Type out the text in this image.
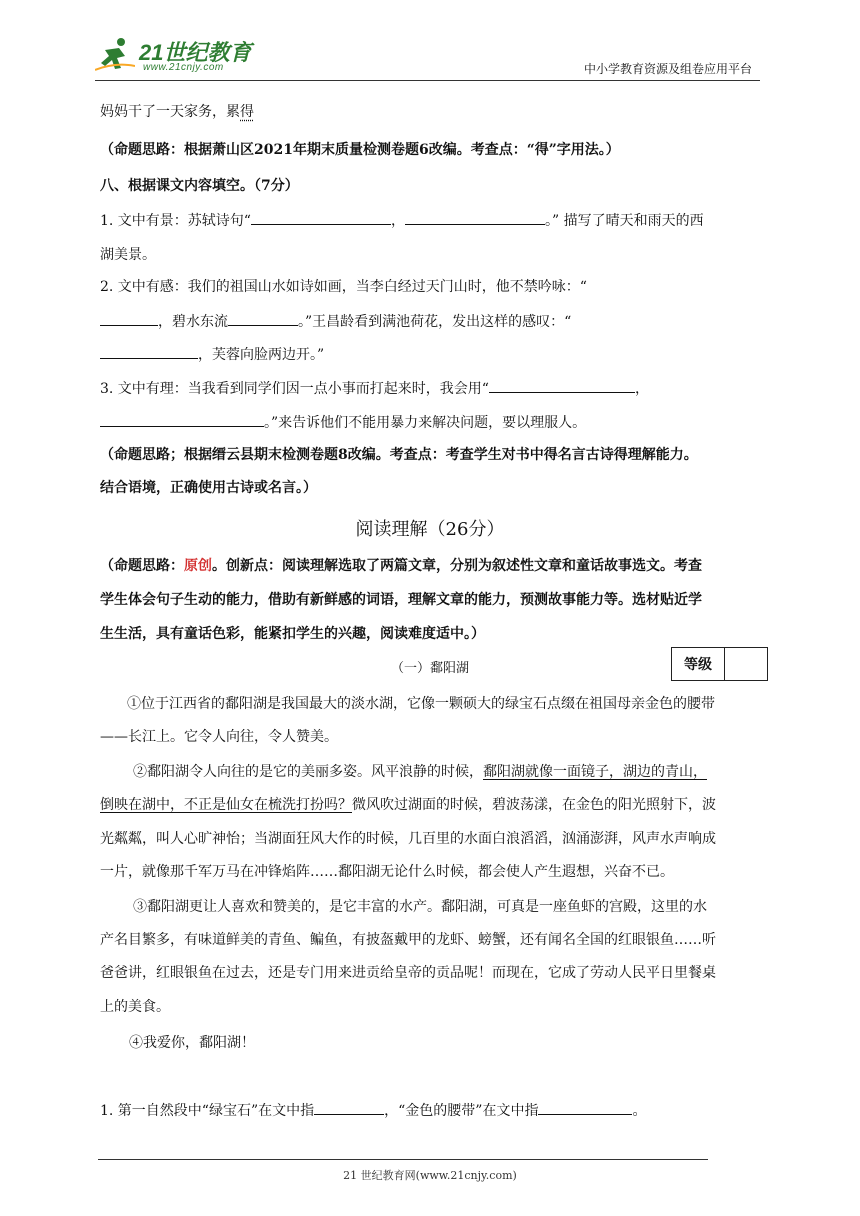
21世纪教育
www.21cnjy.com	中小学教育资源及组卷应用平台
妈妈干了一天家务，累得
（命题思路：根据萧山区2021年期末质量检测卷题6改编。考查点：“得”字用法。）
八、根据课文内容填空。（7分）
1. 文中有景：苏轼诗句“	，	。” 描写了晴天和雨天的西
湖美景。
2. 文中有感：我们的祖国山水如诗如画，当李白经过天门山时，他不禁吟咏：“
，碧水东流	。”王昌龄看到满池荷花，发出这样的感叹：“
，芙蓉向脸两边开。”
3. 文中有理：当我看到同学们因一点小事而打起来时，我会用“	，
。”来告诉他们不能用暴力来解决问题，要以理服人。
（命题思路；根据缙云县期末检测卷题8改编。考查点：考查学生对书中得名言古诗得理解能力。
结合语境，正确使用古诗或名言。）
阅读理解（26分）
（命题思路：原创。创新点：阅读理解选取了两篇文章，分别为叙述性文章和童话故事选文。考查
学生体会句子生动的能力，借助有新鲜感的词语，理解文章的能力，预测故事能力等。选材贴近学
生生活，具有童话色彩，能紧扣学生的兴趣，阅读难度适中。）
（一）鄱阳湖	等级
①位于江西省的鄱阳湖是我国最大的淡水湖，它像一颗硕大的绿宝石点缀在祖国母亲金色的腰带
——长江上。它令人向往，令人赞美。
②鄱阳湖令人向往的是它的美丽多姿。风平浪静的时候，鄱阳湖就像一面镜子，湖边的青山，
倒映在湖中，不正是仙女在梳洗打扮吗？微风吹过湖面的时候，碧波荡漾，在金色的阳光照射下，波
光粼粼，叫人心旷神怡；当湖面狂风大作的时候，几百里的水面白浪滔滔，汹涌澎湃，风声水声响成
一片，就像那千军万马在冲锋焰阵……鄱阳湖无论什么时候，都会使人产生遐想，兴奋不已。
③鄱阳湖更让人喜欢和赞美的，是它丰富的水产。鄱阳湖，可真是一座鱼虾的宫殿，这里的水
产名目繁多，有味道鲜美的青鱼、鳊鱼，有披盔戴甲的龙虾、螃蟹，还有闻名全国的红眼银鱼……听
爸爸讲，红眼银鱼在过去，还是专门用来进贡给皇帝的贡品呢！而现在，它成了劳动人民平日里餐桌
上的美食。
④我爱你，鄱阳湖！
1. 第一自然段中“绿宝石”在文中指	，“金色的腰带”在文中指	。
21 世纪教育网(www.21cnjy.com)
